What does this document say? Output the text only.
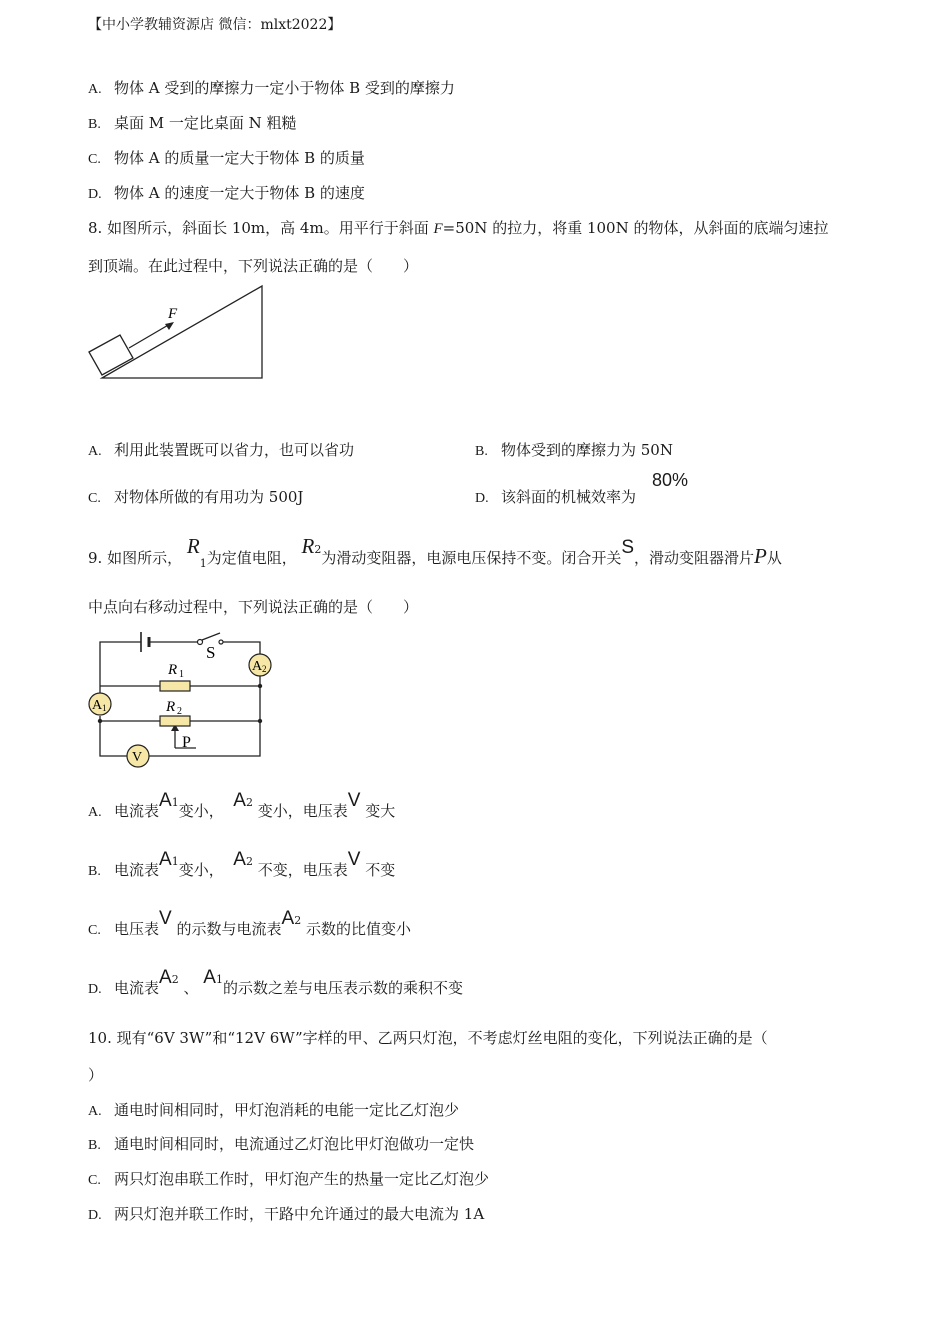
【中小学教辅资源店 微信：mlxt2022】
A. 物体 A 受到的摩擦力一定小于物体 B 受到的摩擦力
B. 桌面 M 一定比桌面 N 粗糙
C. 物体 A 的质量一定大于物体 B 的质量
D. 物体 A 的速度一定大于物体 B 的速度
8. 如图所示，斜面长 10m，高 4m。用平行于斜面 F=50N 的拉力，将重 100N 的物体，从斜面的底端匀速拉
到顶端。在此过程中，下列说法正确的是（　　）
F
A. 利用此装置既可以省力，也可以省功	B. 物体受到的摩擦力为 50N
C. 对物体所做的有用功为 500J	D. 该斜面的机械效率为
80%
9. 如图所示， $R_1$为定值电阻， $R^2$为滑动变阻器，电源电压保持不变。闭合开关S，滑动变阻器滑片P从
中点向右移动过程中，下列说法正确的是（　　）
S
R 1
R 2
P
A 2
A 1
V
A. 电流表$A^1$变小， $A^2$ 变小，电压表V 变大
B. 电流表$A^1$变小， $A^2$ 不变，电压表V 不变
C. 电压表V 的示数与电流表$A^2$ 示数的比值变小
D. 电流表$A^2$ 、 $A^1$的示数之差与电压表示数的乘积不变
10. 现有“6V 3W”和“12V 6W”字样的甲、乙两只灯泡，不考虑灯丝电阻的变化，下列说法正确的是（
）
A. 通电时间相同时，甲灯泡消耗的电能一定比乙灯泡少
B. 通电时间相同时，电流通过乙灯泡比甲灯泡做功一定快
C. 两只灯泡串联工作时，甲灯泡产生的热量一定比乙灯泡少
D. 两只灯泡并联工作时，干路中允许通过的最大电流为 1A
